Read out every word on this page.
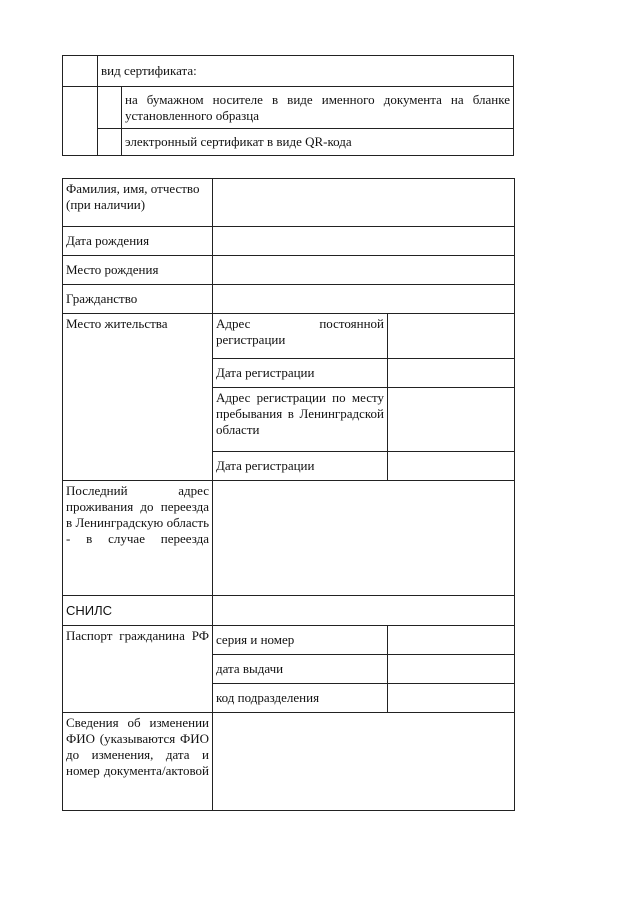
	вид сертификата:	
		на бумажном носителе в виде именного документа на бланке установленного образца
		электронный сертификат в виде QR-кода
Фамилия, имя, отчество (при наличии)		
Дата рождения		
Место рождения		
Гражданство		
Место жительства	Адрес постоянной регистрации	
	Дата регистрации	
	Адрес регистрации по месту пребывания в Ленинградской области	
	Дата регистрации	
Последний адрес проживания до переезда в Ленинградскую область - в случае переезда		
СНИЛС		
Паспорт гражданина РФ	серия и номер	
	дата выдачи	
	код подразделения	
Сведения об изменении ФИО (указываются ФИО до изменения, дата и номер документа/актовой		
